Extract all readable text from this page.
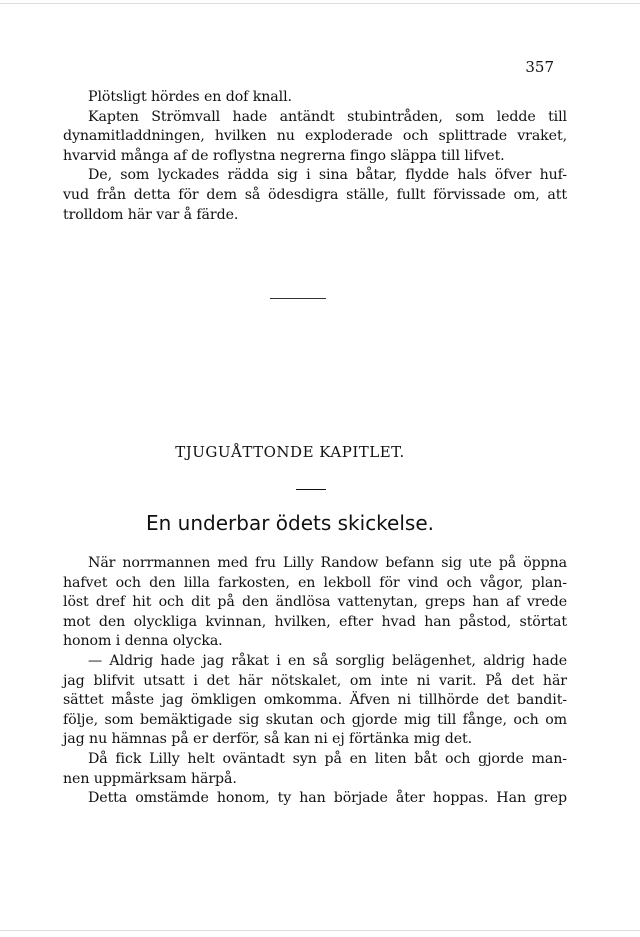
357
Plötsligt hördes en dof knall.
Kapten Strömvall hade antändt stubintråden, som ledde till
dynamitladdningen, hvilken nu exploderade och splittrade vraket,
hvarvid många af de roflystna negrerna fingo släppa till lifvet.
De, som lyckades rädda sig i sina båtar, flydde hals öfver huf-
vud från detta för dem så ödesdigra ställe, fullt förvissade om, att
trolldom här var å färde.
TJUGUÅTTONDE KAPITLET.
En underbar ödets skickelse.
När norrmannen med fru Lilly Randow befann sig ute på öppna
hafvet och den lilla farkosten, en lekboll för vind och vågor, plan-
löst dref hit och dit på den ändlösa vattenytan, greps han af vrede
mot den olyckliga kvinnan, hvilken, efter hvad han påstod, störtat
honom i denna olycka.
— Aldrig hade jag råkat i en så sorglig belägenhet, aldrig hade
jag blifvit utsatt i det här nötskalet, om inte ni varit. På det här
sättet måste jag ömkligen omkomma. Äfven ni tillhörde det bandit-
följe, som bemäktigade sig skutan och gjorde mig till fånge, och om
jag nu hämnas på er derför, så kan ni ej förtänka mig det.
Då fick Lilly helt oväntadt syn på en liten båt och gjorde man-
nen uppmärksam härpå.
Detta omstämde honom, ty han började åter hoppas. Han grep
